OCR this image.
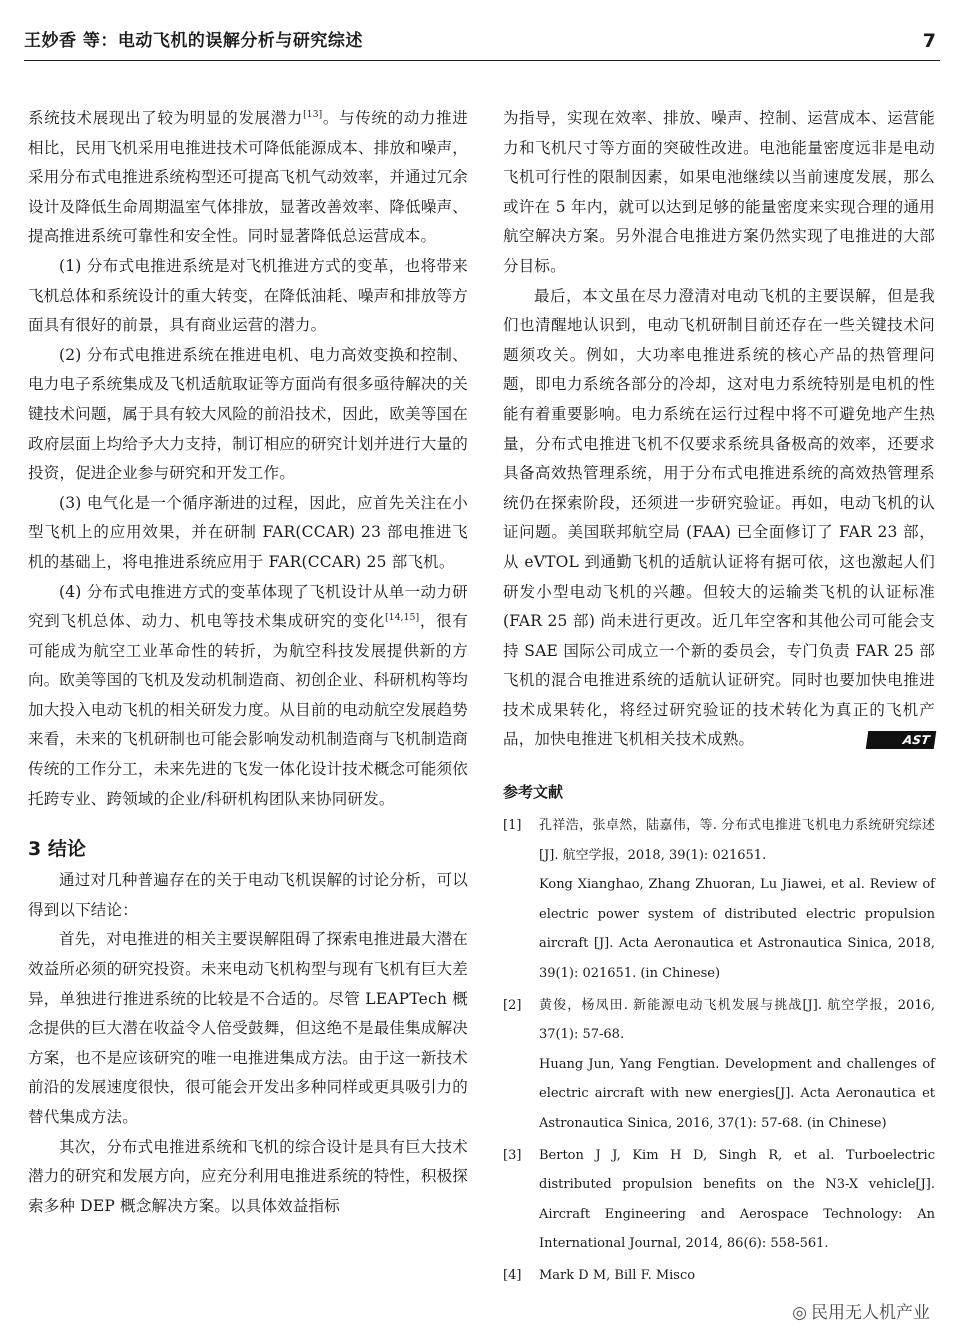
王妙香 等：电动飞机的误解分析与研究综述	7

系统技术展现出了较为明显的发展潜力[13]。与传统的动力推进相比，民用飞机采用电推进技术可降低能源成本、排放和噪声，采用分布式电推进系统构型还可提高飞机气动效率，并通过冗余设计及降低生命周期温室气体排放，显著改善效率、降低噪声、提高推进系统可靠性和安全性。同时显著降低总运营成本。

(1) 分布式电推进系统是对飞机推进方式的变革，也将带来飞机总体和系统设计的重大转变，在降低油耗、噪声和排放等方面具有很好的前景，具有商业运营的潜力。

(2) 分布式电推进系统在推进电机、电力高效变换和控制、电力电子系统集成及飞机适航取证等方面尚有很多亟待解决的关键技术问题，属于具有较大风险的前沿技术，因此，欧美等国在政府层面上均给予大力支持，制订相应的研究计划并进行大量的投资，促进企业参与研究和开发工作。

(3) 电气化是一个循序渐进的过程，因此，应首先关注在小型飞机上的应用效果，并在研制 FAR(CCAR) 23 部电推进飞机的基础上，将电推进系统应用于 FAR(CCAR) 25 部飞机。

(4) 分布式电推进方式的变革体现了飞机设计从单一动力研究到飞机总体、动力、机电等技术集成研究的变化[14,15]，很有可能成为航空工业革命性的转折，为航空科技发展提供新的方向。欧美等国的飞机及发动机制造商、初创企业、科研机构等均加大投入电动飞机的相关研发力度。从目前的电动航空发展趋势来看，未来的飞机研制也可能会影响发动机制造商与飞机制造商传统的工作分工，未来先进的飞发一体化设计技术概念可能须依托跨专业、跨领域的企业/科研机构团队来协同研发。

3 结论

通过对几种普遍存在的关于电动飞机误解的讨论分析，可以得到以下结论：

首先，对电推进的相关主要误解阻碍了探索电推进最大潜在效益所必须的研究投资。未来电动飞机构型与现有飞机有巨大差异，单独进行推进系统的比较是不合适的。尽管 LEAPTech 概念提供的巨大潜在收益令人倍受鼓舞，但这绝不是最佳集成解决方案，也不是应该研究的唯一电推进集成方法。由于这一新技术前沿的发展速度很快，很可能会开发出多种同样或更具吸引力的替代集成方法。

其次，分布式电推进系统和飞机的综合设计是具有巨大技术潜力的研究和发展方向，应充分利用电推进系统的特性，积极探索多种 DEP 概念解决方案。以具体效益指标

为指导，实现在效率、排放、噪声、控制、运营成本、运营能力和飞机尺寸等方面的突破性改进。电池能量密度远非是电动飞机可行性的限制因素，如果电池继续以当前速度发展，那么或许在 5 年内，就可以达到足够的能量密度来实现合理的通用航空解决方案。另外混合电推进方案仍然实现了电推进的大部分目标。

最后，本文虽在尽力澄清对电动飞机的主要误解，但是我们也清醒地认识到，电动飞机研制目前还存在一些关键技术问题须攻关。例如，大功率电推进系统的核心产品的热管理问题，即电力系统各部分的冷却，这对电力系统特别是电机的性能有着重要影响。电力系统在运行过程中将不可避免地产生热量，分布式电推进飞机不仅要求系统具备极高的效率，还要求具备高效热管理系统，用于分布式电推进系统的高效热管理系统仍在探索阶段，还须进一步研究验证。再如，电动飞机的认证问题。美国联邦航空局 (FAA) 已全面修订了 FAR 23 部，从 eVTOL 到通勤飞机的适航认证将有据可依，这也激起人们研发小型电动飞机的兴趣。但较大的运输类飞机的认证标准 (FAR 25 部) 尚未进行更改。近几年空客和其他公司可能会支持 SAE 国际公司成立一个新的委员会，专门负责 FAR 25 部飞机的混合电推进系统的适航认证研究。同时也要加快电推进技术成果转化，将经过研究验证的技术转化为真正的飞机产品，加快电推进飞机相关技术成熟。	AST

参考文献
[1]	孔祥浩，张卓然，陆嘉伟，等. 分布式电推进飞机电力系统研究综述[J]. 航空学报，2018, 39(1): 021651.

Kong Xianghao, Zhang Zhuoran, Lu Jiawei, et al. Review of electric power system of distributed electric propulsion aircraft [J]. Acta Aeronautica et Astronautica Sinica, 2018, 39(1): 021651. (in Chinese)

[2]	黄俊，杨凤田. 新能源电动飞机发展与挑战[J]. 航空学报，2016, 37(1): 57-68.

Huang Jun, Yang Fengtian. Development and challenges of electric aircraft with new energies[J]. Acta Aeronautica et Astronautica Sinica, 2016, 37(1): 57-68. (in Chinese)

[3]	Berton J J, Kim H D, Singh R, et al. Turboelectric distributed propulsion benefits on the N3-X vehicle[J]. Aircraft Engineering and Aerospace Technology: An International Journal, 2014, 86(6): 558-561.

[4]	Mark D M, Bill F. Misco

◎ 民用无人机产业
